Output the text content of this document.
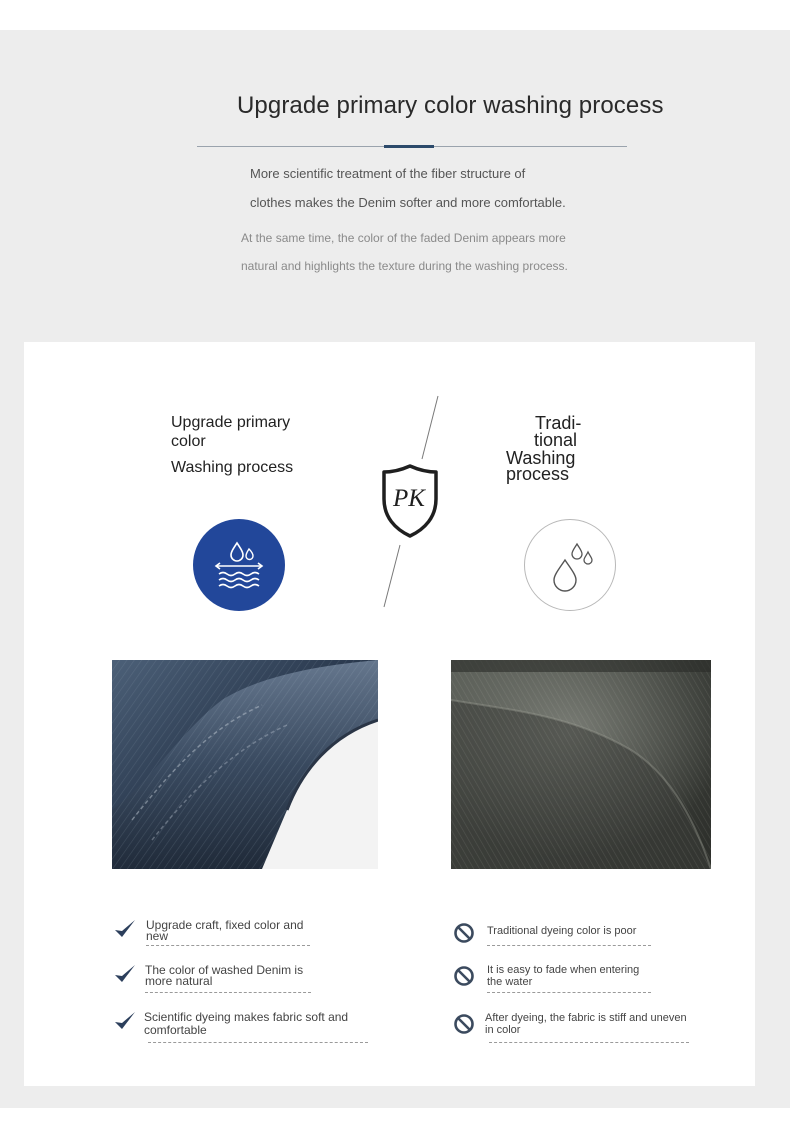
Upgrade primary color washing process
More scientific treatment of the fiber structure of
clothes makes the Denim softer and more comfortable.
At the same time, the color of the faded Denim appears more
natural and highlights the texture during the washing process.
Upgrade primary
color
Washing process
Tradi-
tional
Washing
process
PK
Upgrade craft, fixed color and
new
The color of washed Denim is
more natural
Scientific dyeing makes fabric soft and
comfortable
Traditional dyeing color is poor
It is easy to fade when entering
the water
After dyeing, the fabric is stiff and uneven
in color
